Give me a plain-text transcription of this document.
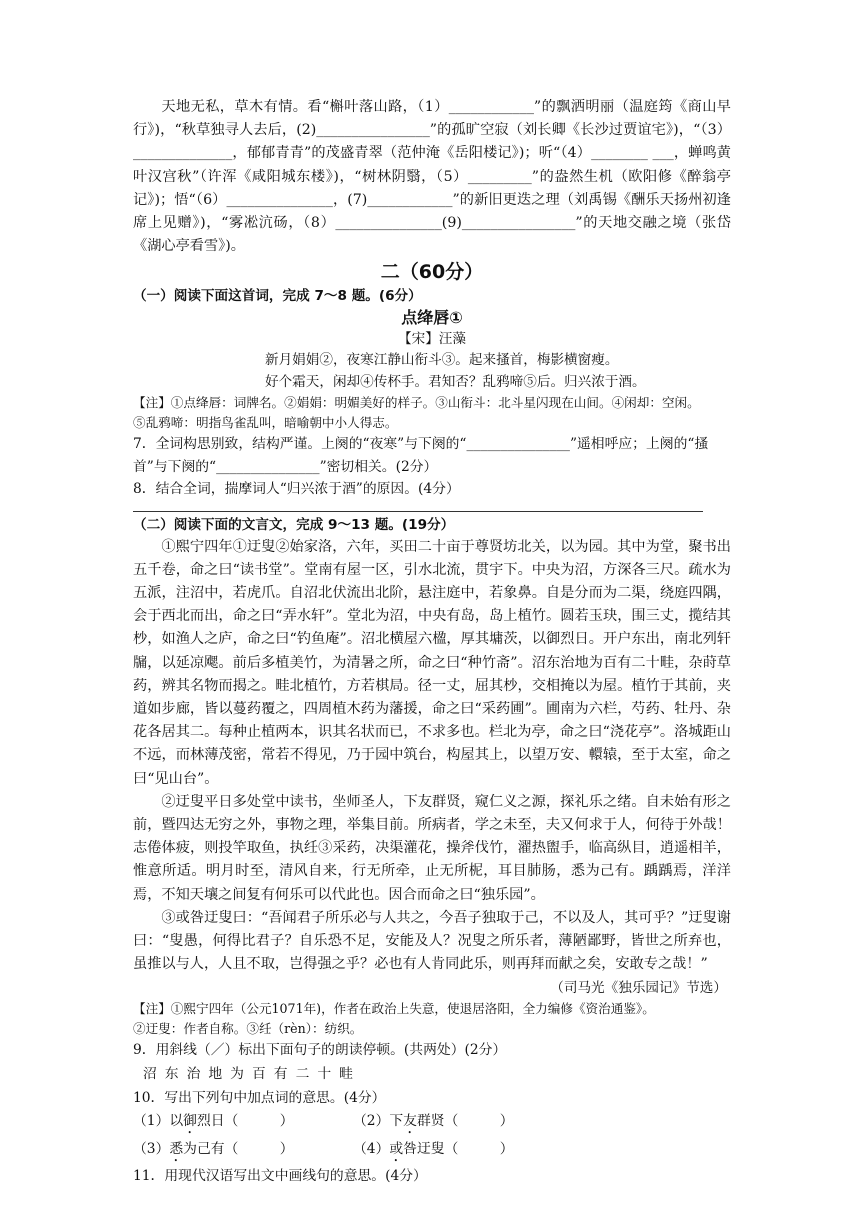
天地无私，草木有情。看“槲叶落山路，（1）____________”的飘洒明丽（温庭筠《商山早行》)，“秋草独寻人去后，(2)________________”的孤旷空寂（刘长卿《长沙过贾谊宅》)，“（3）______________，郁郁青青”的茂盛青翠（范仲淹《岳阳楼记》)；听“（4）________ ___，蝉鸣黄叶汉宫秋”（许浑《咸阳城东楼》)，“树林阴翳，（5）_________”的盎然生机（欧阳修《醉翁亭记》)；悟“（6）_______________，(7)____________”的新旧更迭之理（刘禹锡《酬乐天扬州初逢席上见赠》)，“雾凇沆砀，（8）_______________(9)________________”的天地交融之境（张岱《湖心亭看雪》)。

二（60分）

（一）阅读下面这首词，完成 7～8 题。(6分）

点绛唇①

【宋】汪藻

新月娟娟②，夜寒江静山衔斗③。起来搔首，梅影横窗瘦。

好个霜天，闲却④传杯手。君知否？乱鸦啼⑤后。归兴浓于酒。

【注】①点绛唇：词牌名。②娟娟：明媚美好的样子。③山衔斗：北斗星闪现在山间。④闲却：空闲。

⑤乱鸦啼：明指鸟雀乱叫，暗喻朝中小人得志。

7．全词构思别致，结构严谨。上阕的“夜寒”与下阕的“_______________”遥相呼应；上阕的“搔首”与下阕的“_______________”密切相关。(2分）

8．结合全词，揣摩词人“归兴浓于酒”的原因。(4分）

（二）阅读下面的文言文，完成 9～13 题。(19分）

①熙宁四年①迂叟②始家洛，六年，买田二十亩于尊贤坊北关，以为园。其中为堂，聚书出五千卷，命之曰“读书堂”。堂南有屋一区，引水北流，贯宇下。中央为沼，方深各三尺。疏水为五派，注沼中，若虎爪。自沼北伏流出北阶，悬注庭中，若象鼻。自是分而为二渠，绕庭四隅，会于西北而出，命之曰“弄水轩”。堂北为沼，中央有岛，岛上植竹。圆若玉玦，围三丈，揽结其杪，如渔人之庐，命之曰“钓鱼庵”。沼北横屋六楹，厚其墉茨，以御烈日。开户东出，南北列轩牖，以延凉飔。前后多植美竹，为清暑之所，命之曰“种竹斋”。沼东治地为百有二十畦，杂莳草药，辨其名物而揭之。畦北植竹，方若棋局。径一丈，屈其杪，交相掩以为屋。植竹于其前，夹道如步廊，皆以蔓药覆之，四周植木药为藩援，命之曰“采药圃”。圃南为六栏，芍药、牡丹、杂花各居其二。每种止植两本，识其名状而已，不求多也。栏北为亭，命之曰“浇花亭”。洛城距山不远，而林薄茂密，常若不得见，乃于园中筑台，构屋其上，以望万安、轘辕，至于太室，命之曰“见山台”。

②迂叟平日多处堂中读书，坐师圣人，下友群贤，窥仁义之源，探礼乐之绪。自未始有形之前，暨四达无穷之外，事物之理，举集目前。所病者，学之未至，夫又何求于人，何待于外哉！志倦体疲，则投竿取鱼，执纴③采药，决渠灌花，操斧伐竹，濯热盥手，临高纵目，逍遥相羊，惟意所适。明月时至，清风自来，行无所牵，止无所柅，耳目肺肠，悉为己有。踽踽焉，洋洋焉，不知天壤之间复有何乐可以代此也。因合而命之曰“独乐园”。

③或咎迂叟曰：“吾闻君子所乐必与人共之，今吾子独取于己，不以及人，其可乎？”迂叟谢曰：“叟愚，何得比君子？自乐恐不足，安能及人？况叟之所乐者，薄陋鄙野，皆世之所弃也，虽推以与人，人且不取，岂得强之乎？必也有人肯同此乐，则再拜而献之矣，安敢专之哉！”

（司马光《独乐园记》节选）

【注】①熙宁四年（公元1071年)，作者在政治上失意，使退居洛阳，全力编修《资治通鉴》。

②迂叟：作者自称。③纴（rèn）：纺织。

9．用斜线（／）标出下面句子的朗读停顿。(共两处）(2分）

沼东治地为百有二十畦

10．写出下列句中加点词的意思。(4分）

（1）以御烈日（　　　）	（2）下友群贤（　　　）
（3）悉为己有（　　　）	（4）或咎迂叟（　　　）

11．用现代汉语写出文中画线句的意思。(4分）
